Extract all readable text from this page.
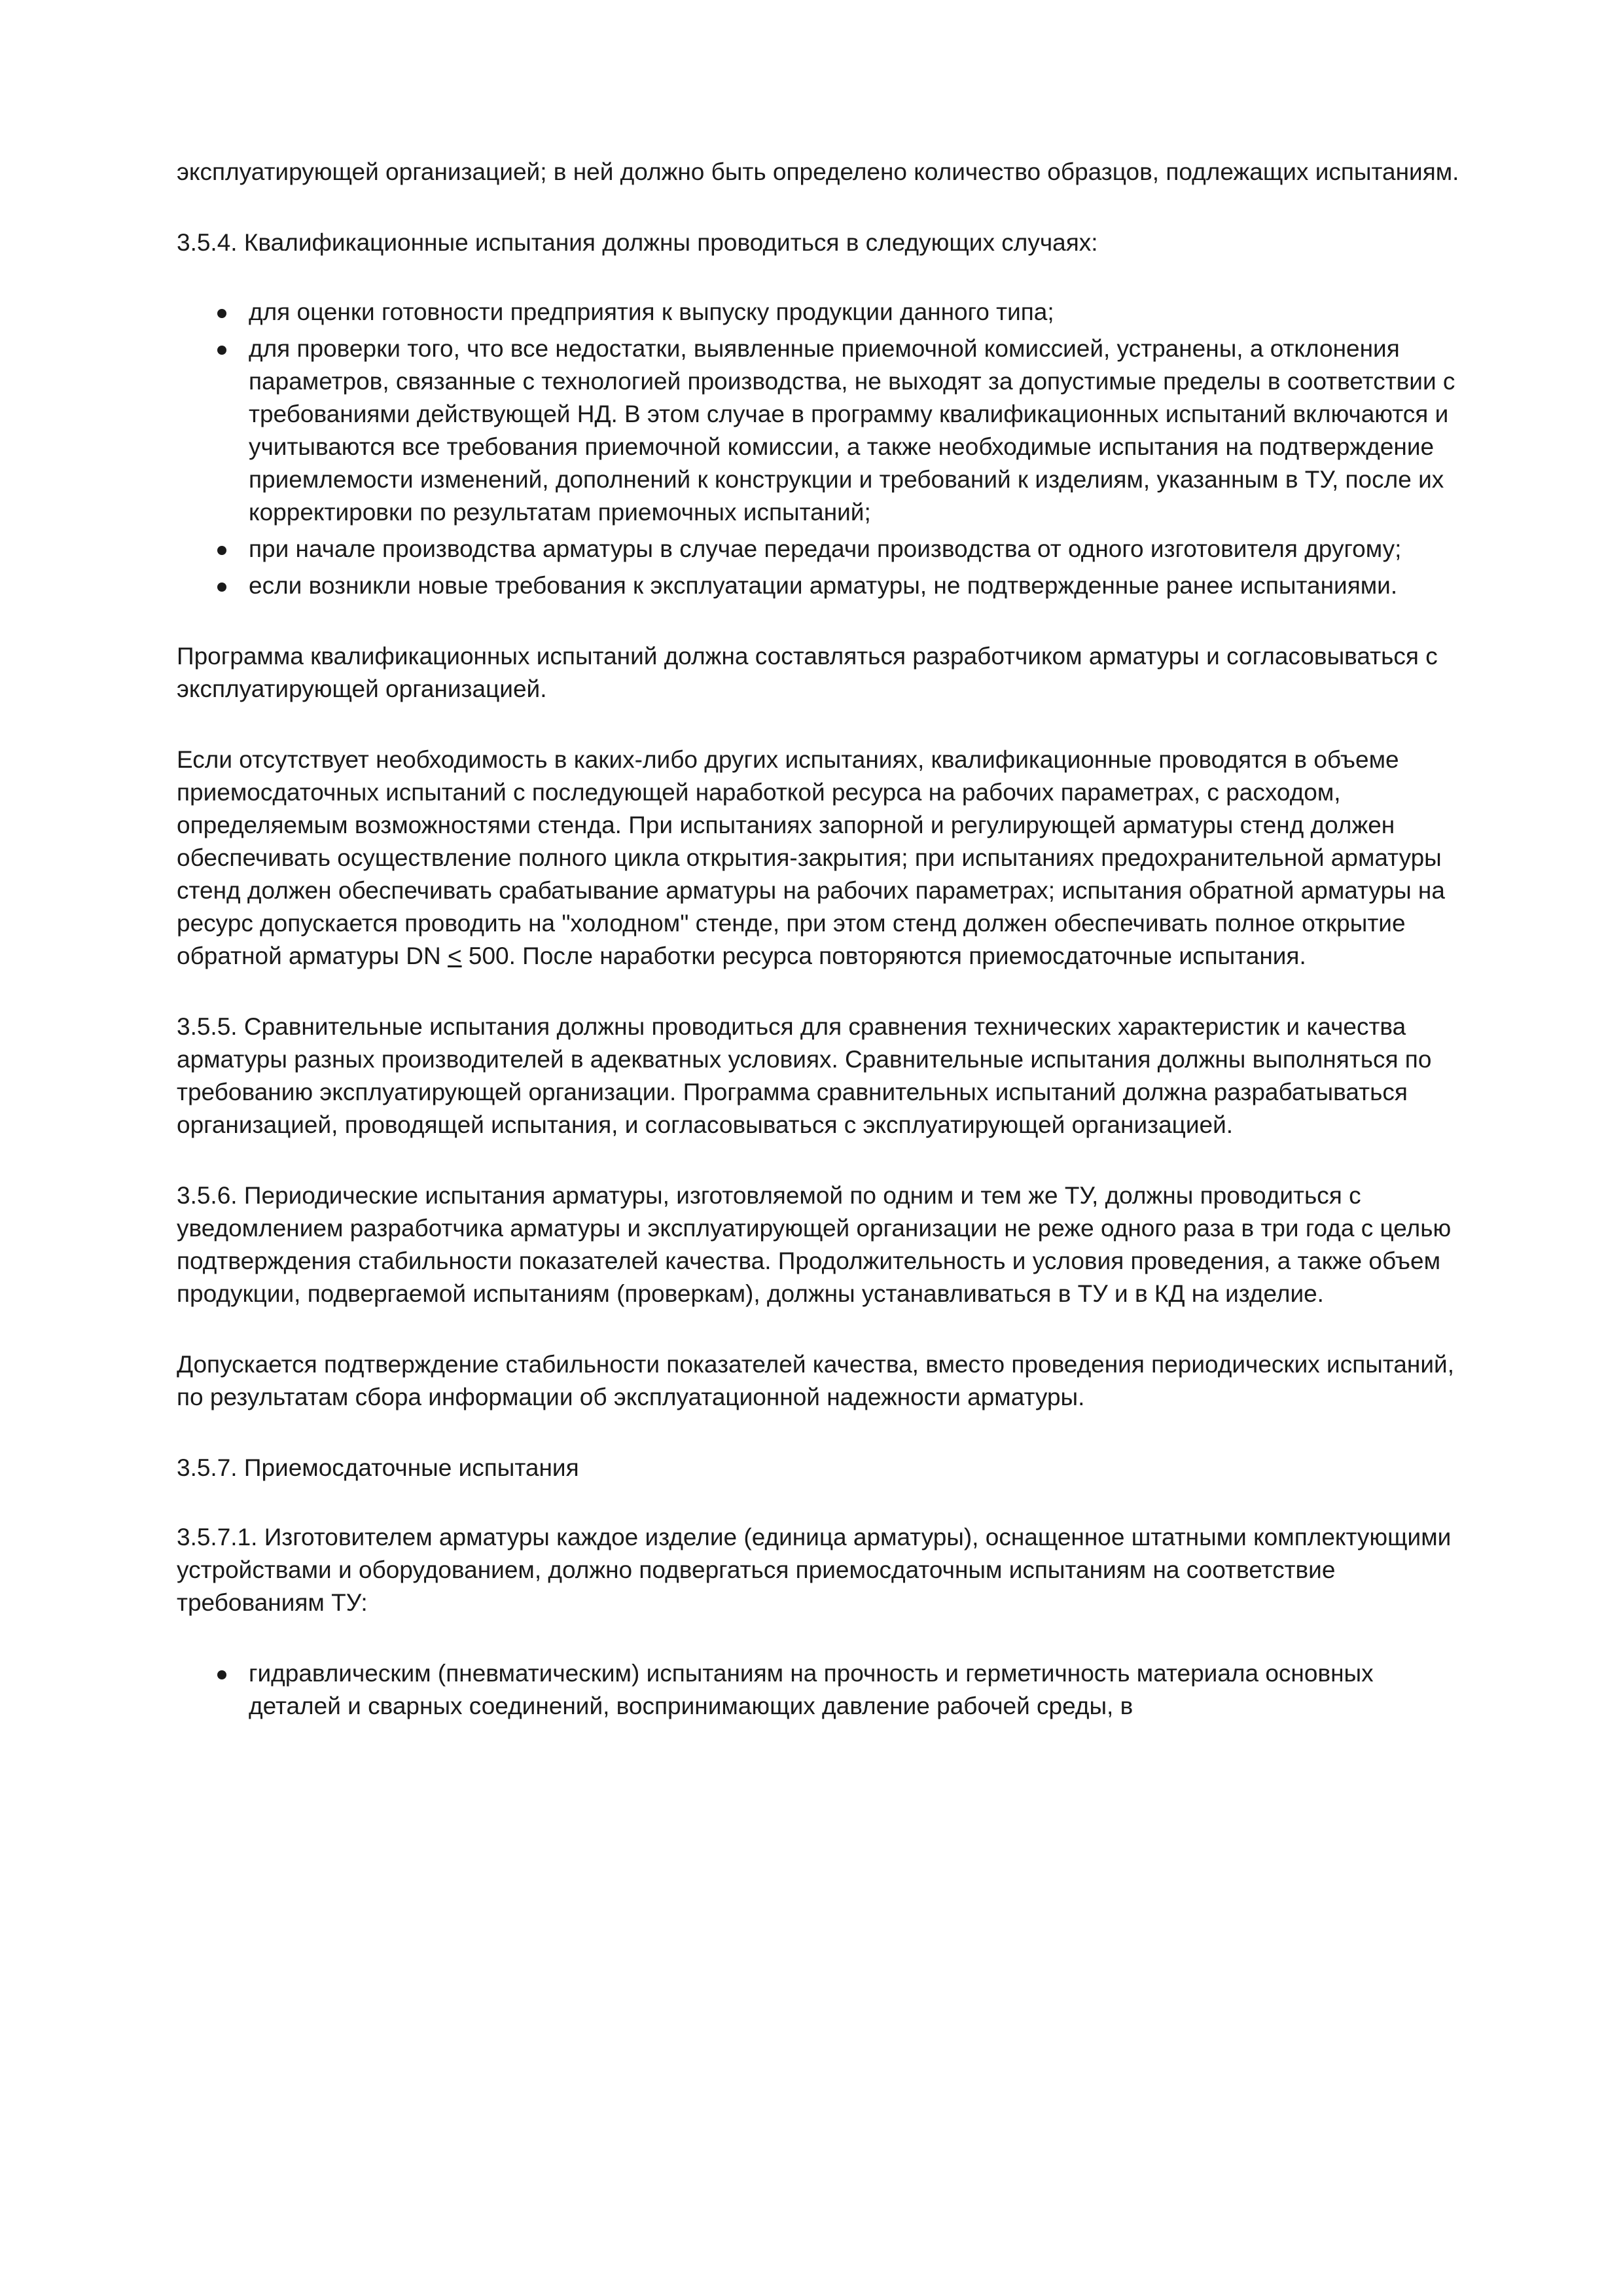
эксплуатирующей организацией; в ней должно быть определено количество образцов, подлежащих испытаниям.

3.5.4. Квалификационные испытания должны проводиться в следующих случаях:

для оценки готовности предприятия к выпуску продукции данного типа;
для проверки того, что все недостатки, выявленные приемочной комиссией, устранены, а отклонения параметров, связанные с технологией производства, не выходят за допустимые пределы в соответствии с требованиями действующей НД. В этом случае в программу квалификационных испытаний включаются и учитываются все требования приемочной комиссии, а также необходимые испытания на подтверждение приемлемости изменений, дополнений к конструкции и требований к изделиям, указанным в ТУ, после их корректировки по результатам приемочных испытаний;
при начале производства арматуры в случае передачи производства от одного изготовителя другому;
если возникли новые требования к эксплуатации арматуры, не подтвержденные ранее испытаниями.

Программа квалификационных испытаний должна составляться разработчиком арматуры и согласовываться с эксплуатирующей организацией.

Если отсутствует необходимость в каких-либо других испытаниях, квалификационные проводятся в объеме приемосдаточных испытаний с последующей наработкой ресурса на рабочих параметрах, с расходом, определяемым возможностями стенда. При испытаниях запорной и регулирующей арматуры стенд должен обеспечивать осуществление полного цикла открытия-закрытия; при испытаниях предохранительной арматуры стенд должен обеспечивать срабатывание арматуры на рабочих параметрах; испытания обратной арматуры на ресурс допускается проводить на "холодном" стенде, при этом стенд должен обеспечивать полное открытие обратной арматуры DN ≤ 500. После наработки ресурса повторяются приемосдаточные испытания.

3.5.5. Сравнительные испытания должны проводиться для сравнения технических характеристик и качества арматуры разных производителей в адекватных условиях. Сравнительные испытания должны выполняться по требованию эксплуатирующей организации. Программа сравнительных испытаний должна разрабатываться организацией, проводящей испытания, и согласовываться с эксплуатирующей организацией.

3.5.6. Периодические испытания арматуры, изготовляемой по одним и тем же ТУ, должны проводиться с уведомлением разработчика арматуры и эксплуатирующей организации не реже одного раза в три года с целью подтверждения стабильности показателей качества. Продолжительность и условия проведения, а также объем продукции, подвергаемой испытаниям (проверкам), должны устанавливаться в ТУ и в КД на изделие.

Допускается подтверждение стабильности показателей качества, вместо проведения периодических испытаний, по результатам сбора информации об эксплуатационной надежности арматуры.

3.5.7. Приемосдаточные испытания

3.5.7.1. Изготовителем арматуры каждое изделие (единица арматуры), оснащенное штатными комплектующими устройствами и оборудованием, должно подвергаться приемосдаточным испытаниям на соответствие требованиям ТУ:

гидравлическим (пневматическим) испытаниям на прочность и герметичность материала основных деталей и сварных соединений, воспринимающих давление рабочей среды, в
